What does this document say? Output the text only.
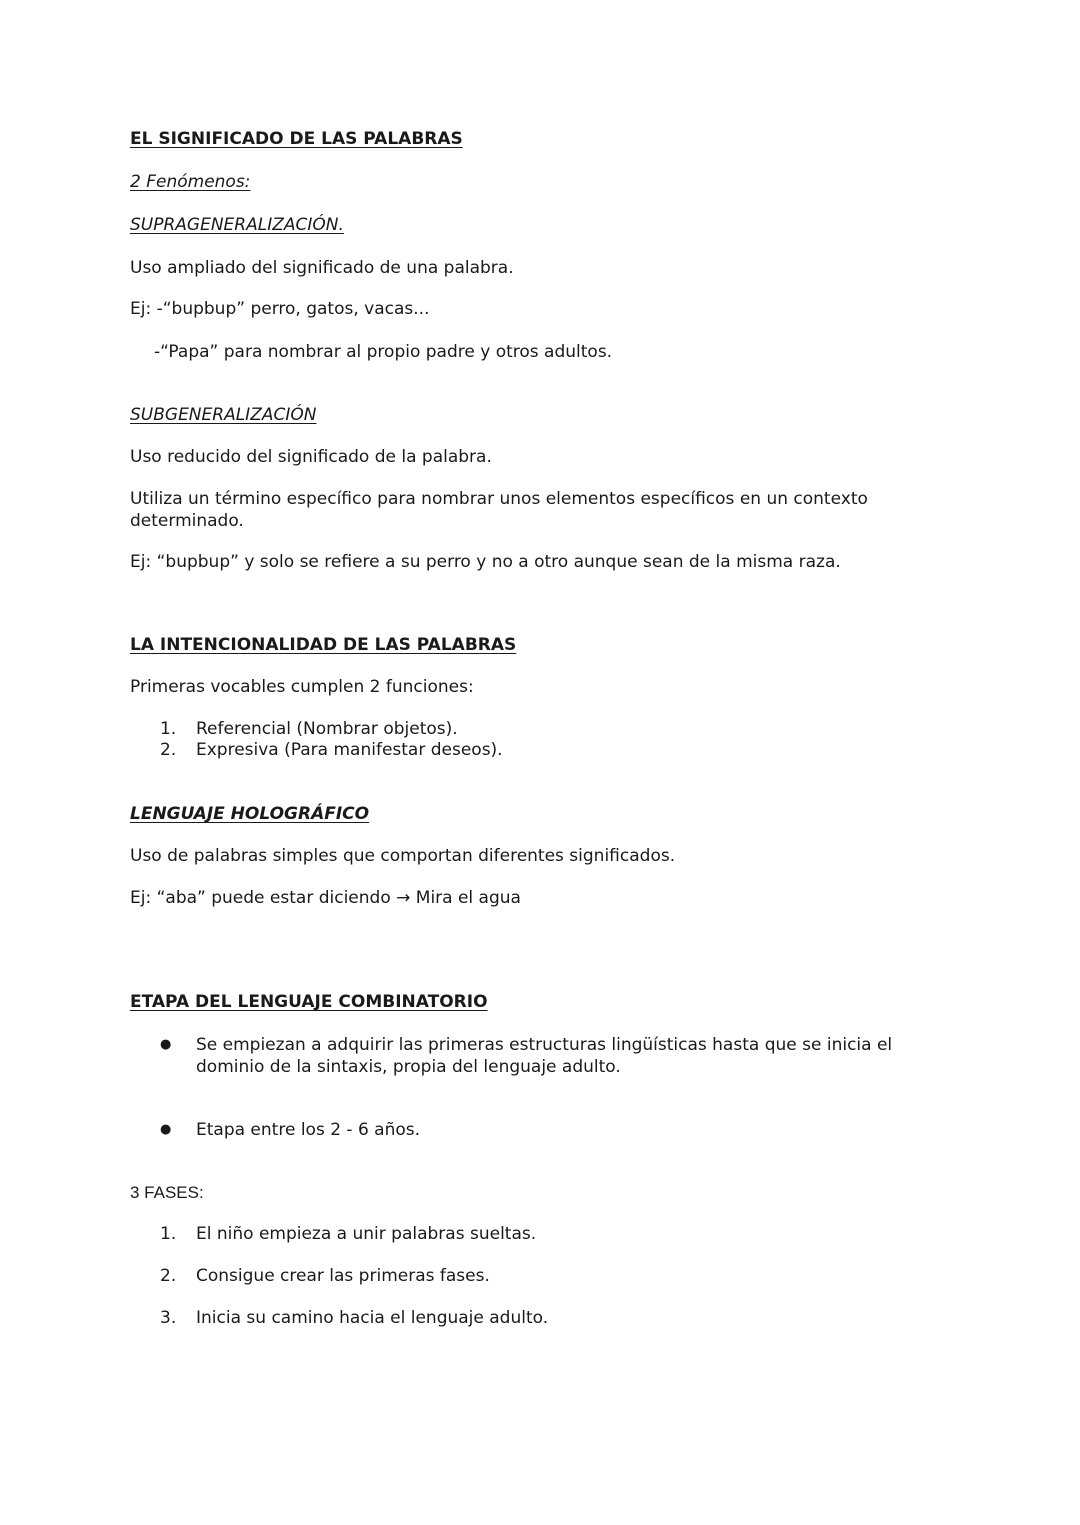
EL SIGNIFICADO DE LAS PALABRAS
2 Fenómenos:
SUPRAGENERALIZACIÓN.
Uso ampliado del significado de una palabra.
Ej: -“bupbup” perro, gatos, vacas...
-“Papa” para nombrar al propio padre y otros adultos.
SUBGENERALIZACIÓN
Uso reducido del significado de la palabra.
Utiliza un término específico para nombrar unos elementos específicos en un contexto determinado.
Ej: “bupbup” y solo se refiere a su perro y no a otro aunque sean de la misma raza.
LA INTENCIONALIDAD DE LAS PALABRAS
Primeras vocables cumplen 2 funciones:
1. Referencial (Nombrar objetos).
2. Expresiva (Para manifestar deseos).
LENGUAJE HOLOGRÁFICO
Uso de palabras simples que comportan diferentes significados.
Ej: “aba” puede estar diciendo → Mira el agua
ETAPA DEL LENGUAJE COMBINATORIO
●	Se empiezan a adquirir las primeras estructuras lingüísticas hasta que se inicia el dominio de la sintaxis, propia del lenguaje adulto.
●	Etapa entre los 2 - 6 años.
3 FASES:
1. El niño empieza a unir palabras sueltas.
2. Consigue crear las primeras fases.
3. Inicia su camino hacia el lenguaje adulto.
